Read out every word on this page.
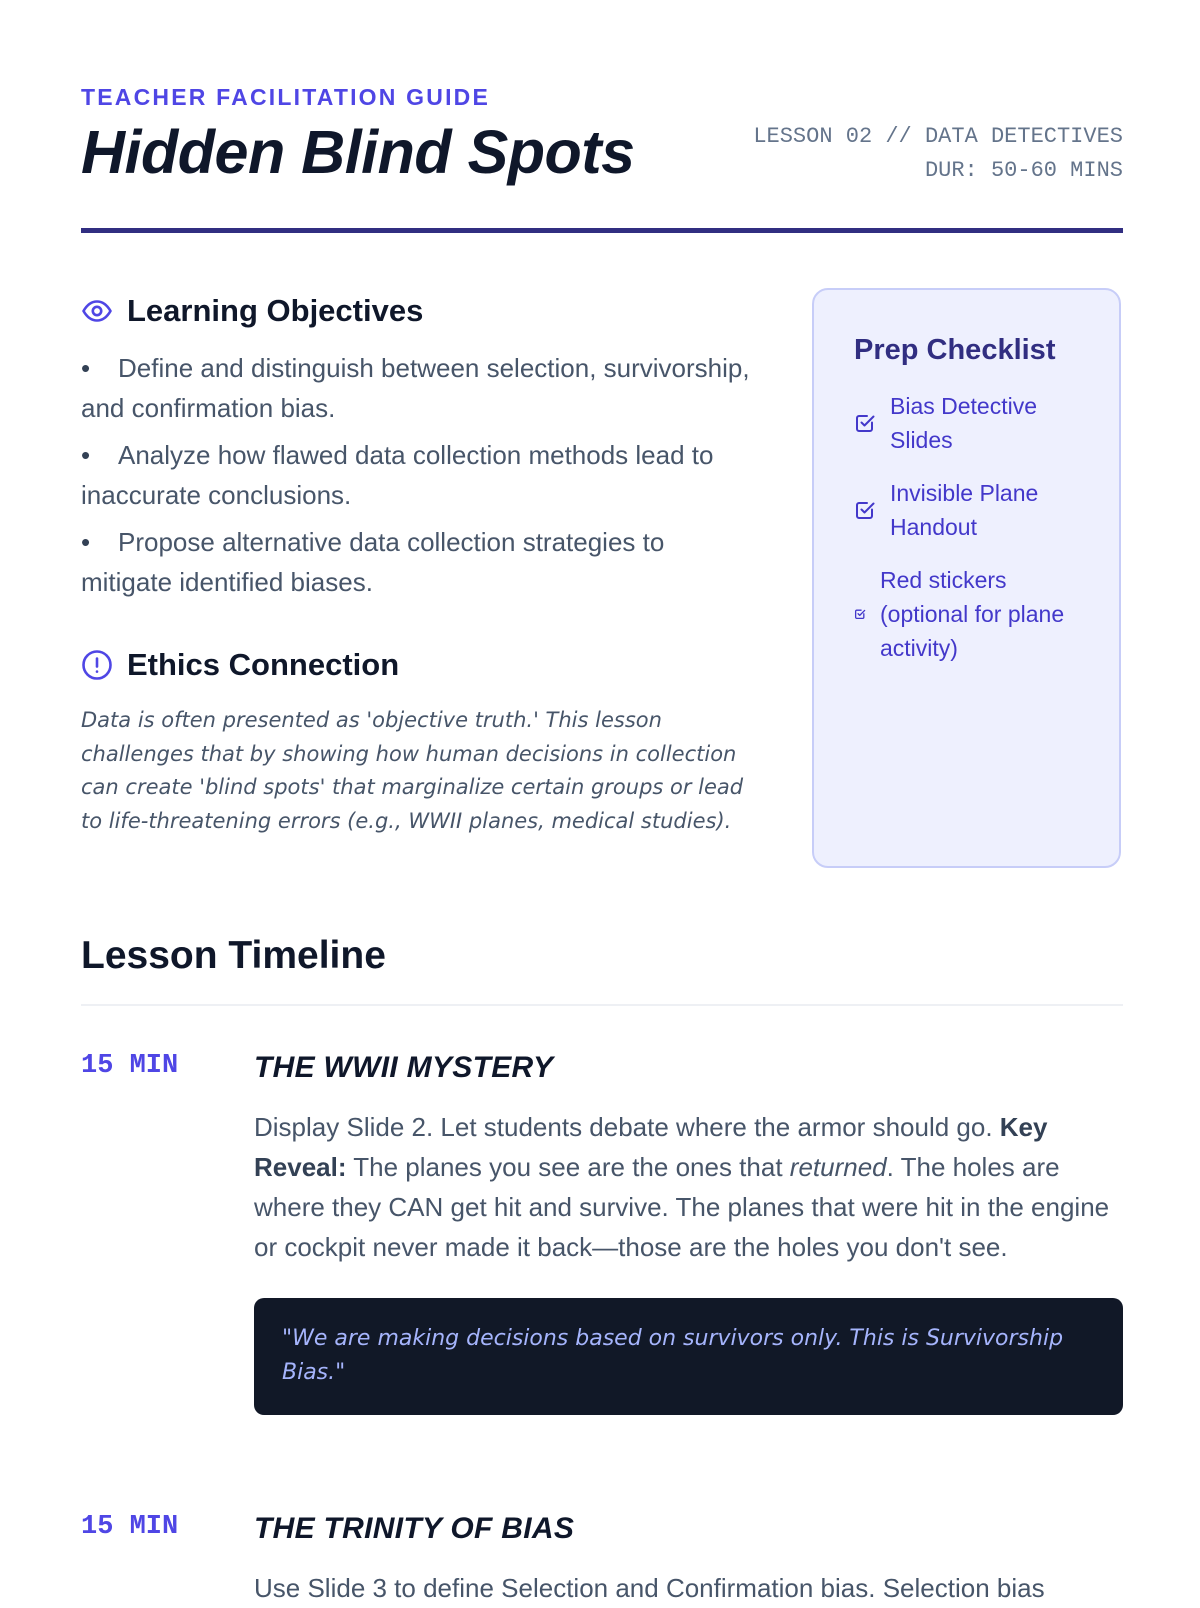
TEACHER FACILITATION GUIDE
Hidden Blind Spots	LESSON 02 // DATA DETECTIVES
DUR: 50-60 MINS
Learning Objectives
• Define and distinguish between selection, survivorship, and confirmation bias.
• Analyze how flawed data collection methods lead to inaccurate conclusions.
• Propose alternative data collection strategies to mitigate identified biases.
Ethics Connection

Data is often presented as 'objective truth.' This lesson challenges that by showing how human decisions in collection can create 'blind spots' that marginalize certain groups or lead to life-threatening errors (e.g., WWII planes, medical studies).

Prep Checklist
Bias Detective Slides
Invisible Plane Handout
Red stickers (optional for plane activity)
Lesson Timeline
15 MIN	THE WWII MYSTERY

Display Slide 2. Let students debate where the armor should go. Key Reveal: The planes you see are the ones that returned. The holes are where they CAN get hit and survive. The planes that were hit in the engine or cockpit never made it back—those are the holes you don't see.

"We are making decisions based on survivors only. This is Survivorship Bias."
15 MIN	THE TRINITY OF BIAS

Use Slide 3 to define Selection and Confirmation bias. Selection bias
